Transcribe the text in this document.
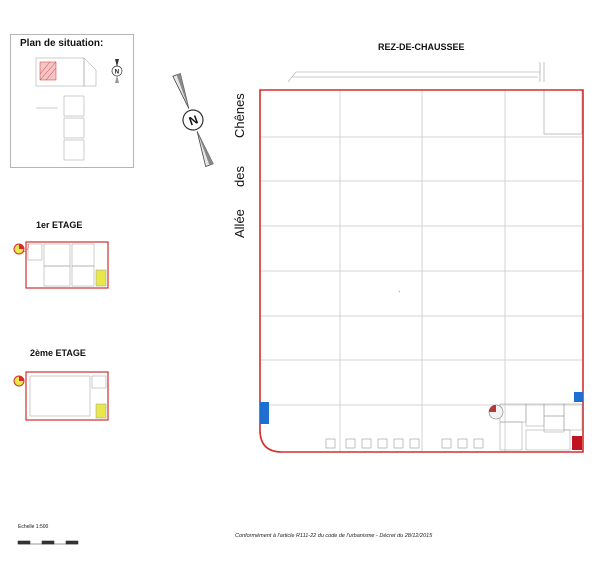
Plan de situation:
1er ETAGE
2ème ETAGE
REZ-DE-CHAUSSEE
Allée
des
Chênes
N
N
+
Echelle 1:500
Conformément à l'article R111-22 du code de l'urbanisme - Décret du 28/12/2015
